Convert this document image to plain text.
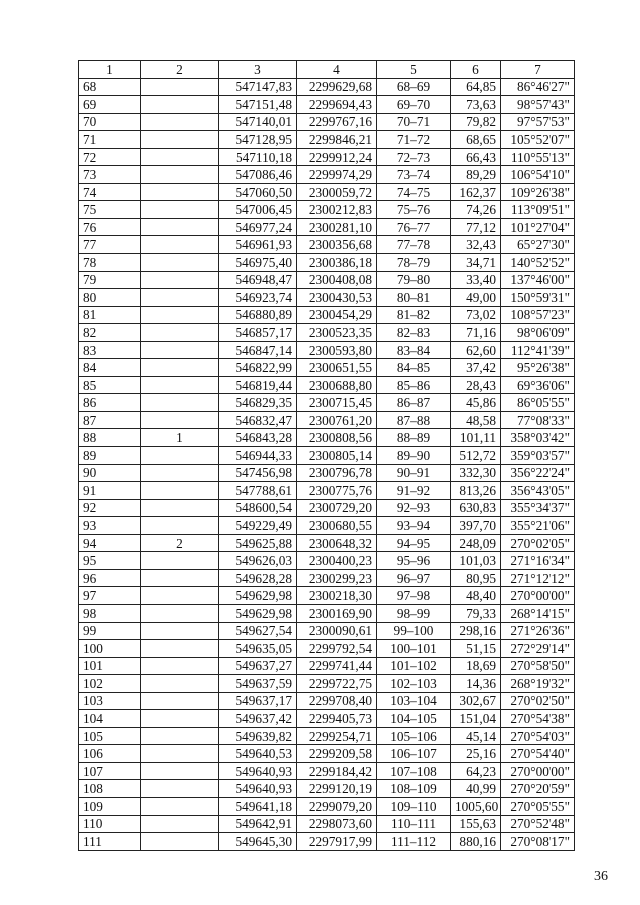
1	2	3	4	5	6	7
68		547147,83	2299629,68	68–69	64,85	86°46'27"
69		547151,48	2299694,43	69–70	73,63	98°57'43"
70		547140,01	2299767,16	70–71	79,82	97°57'53"
71		547128,95	2299846,21	71–72	68,65	105°52'07"
72		547110,18	2299912,24	72–73	66,43	110°55'13"
73		547086,46	2299974,29	73–74	89,29	106°54'10"
74		547060,50	2300059,72	74–75	162,37	109°26'38"
75		547006,45	2300212,83	75–76	74,26	113°09'51"
76		546977,24	2300281,10	76–77	77,12	101°27'04"
77		546961,93	2300356,68	77–78	32,43	65°27'30"
78		546975,40	2300386,18	78–79	34,71	140°52'52"
79		546948,47	2300408,08	79–80	33,40	137°46'00"
80		546923,74	2300430,53	80–81	49,00	150°59'31"
81		546880,89	2300454,29	81–82	73,02	108°57'23"
82		546857,17	2300523,35	82–83	71,16	98°06'09"
83		546847,14	2300593,80	83–84	62,60	112°41'39"
84		546822,99	2300651,55	84–85	37,42	95°26'38"
85		546819,44	2300688,80	85–86	28,43	69°36'06"
86		546829,35	2300715,45	86–87	45,86	86°05'55"
87		546832,47	2300761,20	87–88	48,58	77°08'33"
88	1	546843,28	2300808,56	88–89	101,11	358°03'42"
89		546944,33	2300805,14	89–90	512,72	359°03'57"
90		547456,98	2300796,78	90–91	332,30	356°22'24"
91		547788,61	2300775,76	91–92	813,26	356°43'05"
92		548600,54	2300729,20	92–93	630,83	355°34'37"
93		549229,49	2300680,55	93–94	397,70	355°21'06"
94	2	549625,88	2300648,32	94–95	248,09	270°02'05"
95		549626,03	2300400,23	95–96	101,03	271°16'34"
96		549628,28	2300299,23	96–97	80,95	271°12'12"
97		549629,98	2300218,30	97–98	48,40	270°00'00"
98		549629,98	2300169,90	98–99	79,33	268°14'15"
99		549627,54	2300090,61	99–100	298,16	271°26'36"
100		549635,05	2299792,54	100–101	51,15	272°29'14"
101		549637,27	2299741,44	101–102	18,69	270°58'50"
102		549637,59	2299722,75	102–103	14,36	268°19'32"
103		549637,17	2299708,40	103–104	302,67	270°02'50"
104		549637,42	2299405,73	104–105	151,04	270°54'38"
105		549639,82	2299254,71	105–106	45,14	270°54'03"
106		549640,53	2299209,58	106–107	25,16	270°54'40"
107		549640,93	2299184,42	107–108	64,23	270°00'00"
108		549640,93	2299120,19	108–109	40,99	270°20'59"
109		549641,18	2299079,20	109–110	1005,60	270°05'55"
110		549642,91	2298073,60	110–111	155,63	270°52'48"
111		549645,30	2297917,99	111–112	880,16	270°08'17"
36
